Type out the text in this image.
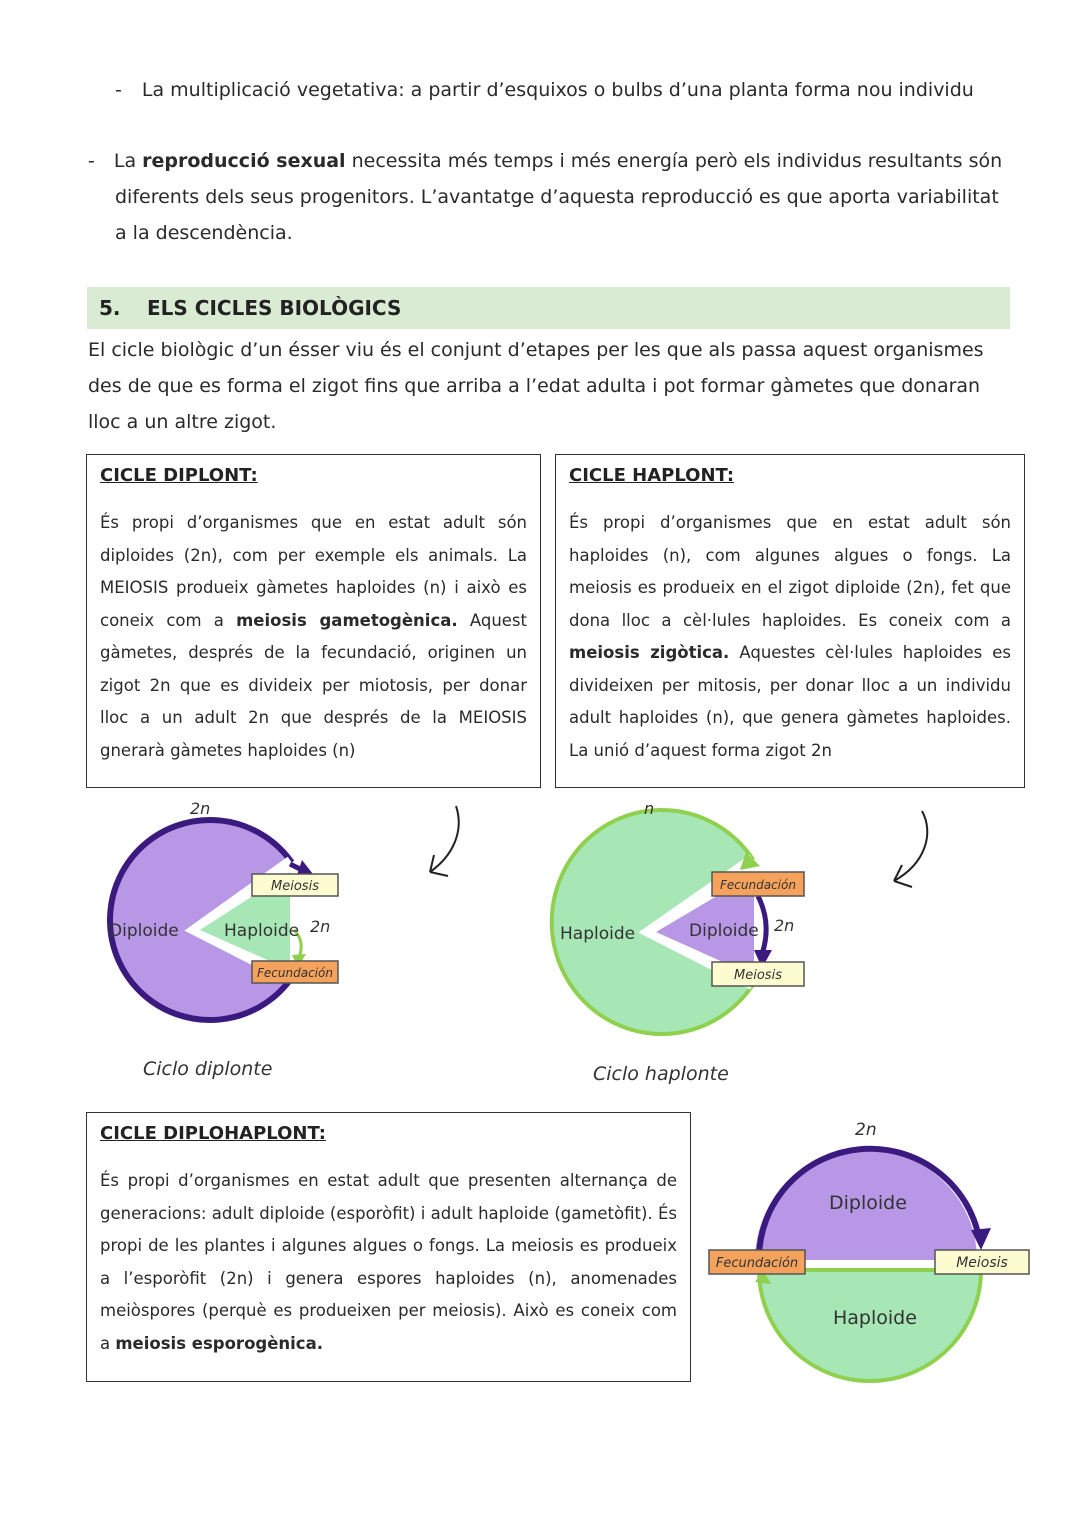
- La multiplicació vegetativa: a partir d’esquixos o bulbs d’una planta forma nou individu
- La reproducció sexual necessita més temps i més energía però els individus resultants són
diferents dels seus progenitors. L’avantatge d’aquesta reproducció es que aporta variabilitat
a la descendència.
5. ELS CICLES BIOLÒGICS
El cicle biològic d’un ésser viu és el conjunt d’etapes per les que als passa aquest organismes
des de que es forma el zigot fins que arriba a l’edat adulta i pot formar gàmetes que donaran
lloc a un altre zigot.
CICLE DIPLONT:
És propi d’organismes que en estat adult són diploides (2n), com per exemple els animals. La MEIOSIS produeix gàmetes haploides (n) i això es coneix com a meiosis gametogènica. Aquest gàmetes, després de la fecundació, originen un zigot 2n que es divideix per miotosis, per donar lloc a un adult 2n que després de la MEIOSIS gnerarà gàmetes haploides (n)
CICLE HAPLONT:
És propi d’organismes que en estat adult són haploides (n), com algunes algues o fongs. La meiosis es produeix en el zigot diploide (2n), fet que dona lloc a cèl·lules haploides. Es coneix com a meiosis zigòtica. Aquestes cèl·lules haploides es divideixen per mitosis, per donar lloc a un individu adult haploides (n), que genera gàmetes haploides. La unió d’aquest forma zigot 2n
2n
Diploide	Haploide 2n
Meiosis
Fecundación
Ciclo diplonte
n
Haploide	Diploide 2n
Fecundación
Meiosis
Ciclo haplonte
CICLE DIPLOHAPLONT:
És propi d’organismes en estat adult que presenten alternança de generacions: adult diploide (esporòfit) i adult haploide (gametòfit). És propi de les plantes i algunes algues o fongs. La meiosis es produeix a l’esporòfit (2n) i genera espores haploides (n), anomenades meiòspores (perquè es produeixen per meiosis). Això es coneix com a meiosis esporogènica.
2n
Diploide
Haploide
Fecundación	Meiosis
